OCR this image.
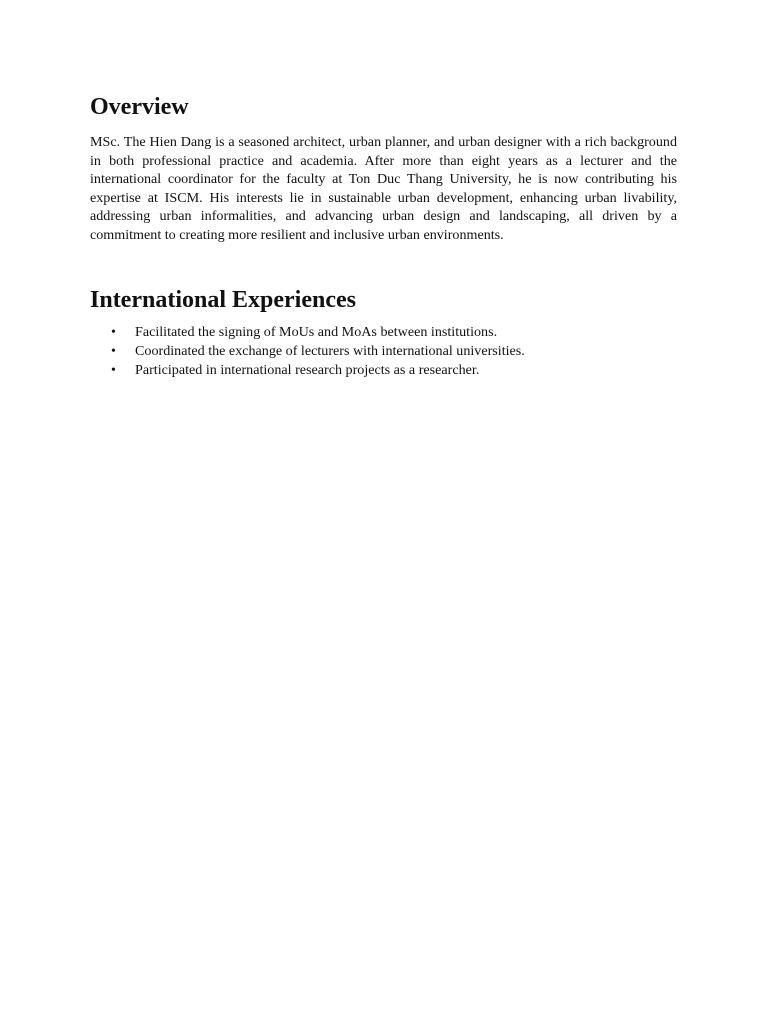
Overview

MSc. The Hien Dang is a seasoned architect, urban planner, and urban designer with a rich background in both professional practice and academia. After more than eight years as a lecturer and the international coordinator for the faculty at Ton Duc Thang University, he is now contributing his expertise at ISCM. His interests lie in sustainable urban development, enhancing urban livability, addressing urban informalities, and advancing urban design and landscaping, all driven by a commitment to creating more resilient and inclusive urban environments.

International Experiences
• Facilitated the signing of MoUs and MoAs between institutions.
• Coordinated the exchange of lecturers with international universities.
• Participated in international research projects as a researcher.
